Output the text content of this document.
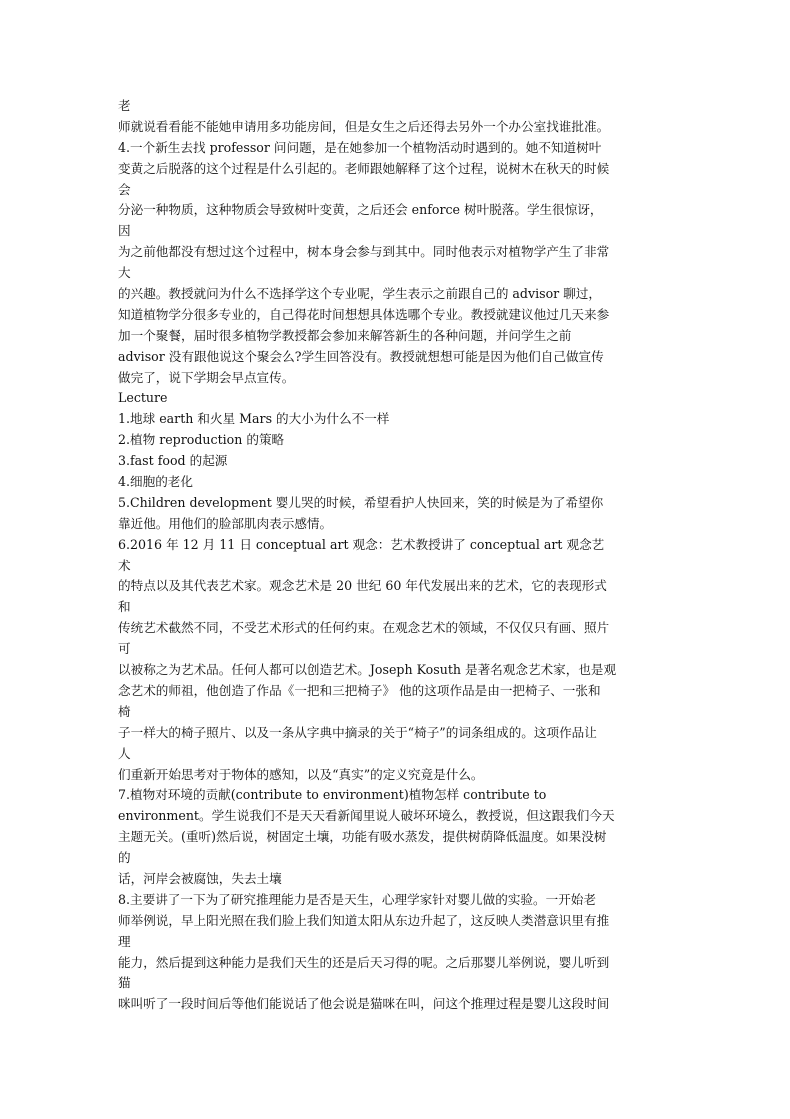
老
师就说看看能不能她申请用多功能房间，但是女生之后还得去另外一个办公室找谁批准。
4.一个新生去找 professor 问问题，是在她参加一个植物活动时遇到的。她不知道树叶
变黄之后脱落的这个过程是什么引起的。老师跟她解释了这个过程，说树木在秋天的时候
会
分泌一种物质，这种物质会导致树叶变黄，之后还会 enforce 树叶脱落。学生很惊讶，
因
为之前他都没有想过这个过程中，树本身会参与到其中。同时他表示对植物学产生了非常
大
的兴趣。教授就问为什么不选择学这个专业呢，学生表示之前跟自己的 advisor 聊过，
知道植物学分很多专业的，自己得花时间想想具体选哪个专业。教授就建议他过几天来参
加一个聚餐，届时很多植物学教授都会参加来解答新生的各种问题，并问学生之前
advisor 没有跟他说这个聚会么?学生回答没有。教授就想想可能是因为他们自己做宣传
做完了，说下学期会早点宣传。
Lecture
1.地球 earth 和火星 Mars 的大小为什么不一样
2.植物 reproduction 的策略
3.fast food 的起源
4.细胞的老化
5.Children development 婴儿哭的时候，希望看护人快回来，笑的时候是为了希望你
靠近他。用他们的脸部肌肉表示感情。
6.2016 年 12 月 11 日 conceptual art 观念：艺术教授讲了 conceptual art 观念艺
术
的特点以及其代表艺术家。观念艺术是 20 世纪 60 年代发展出来的艺术，它的表现形式
和
传统艺术截然不同，不受艺术形式的任何约束。在观念艺术的领域，不仅仅只有画、照片
可
以被称之为艺术品。任何人都可以创造艺术。Joseph Kosuth 是著名观念艺术家，也是观
念艺术的师祖，他创造了作品《一把和三把椅子》 他的这项作品是由一把椅子、一张和
椅
子一样大的椅子照片、以及一条从字典中摘录的关于“椅子”的词条组成的。这项作品让
人
们重新开始思考对于物体的感知，以及“真实”的定义究竟是什么。
7.植物对环境的贡献(contribute to environment)植物怎样 contribute to
environment。学生说我们不是天天看新闻里说人破坏环境么，教授说，但这跟我们今天
主题无关。(重听)然后说，树固定土壤，功能有吸水蒸发，提供树荫降低温度。如果没树
的
话，河岸会被腐蚀，失去土壤
8.主要讲了一下为了研究推理能力是否是天生，心理学家针对婴儿做的实验。一开始老
师举例说，早上阳光照在我们脸上我们知道太阳从东边升起了，这反映人类潜意识里有推
理
能力，然后提到这种能力是我们天生的还是后天习得的呢。之后那婴儿举例说，婴儿听到
猫
咪叫听了一段时间后等他们能说话了他会说是猫咪在叫，问这个推理过程是婴儿这段时间
